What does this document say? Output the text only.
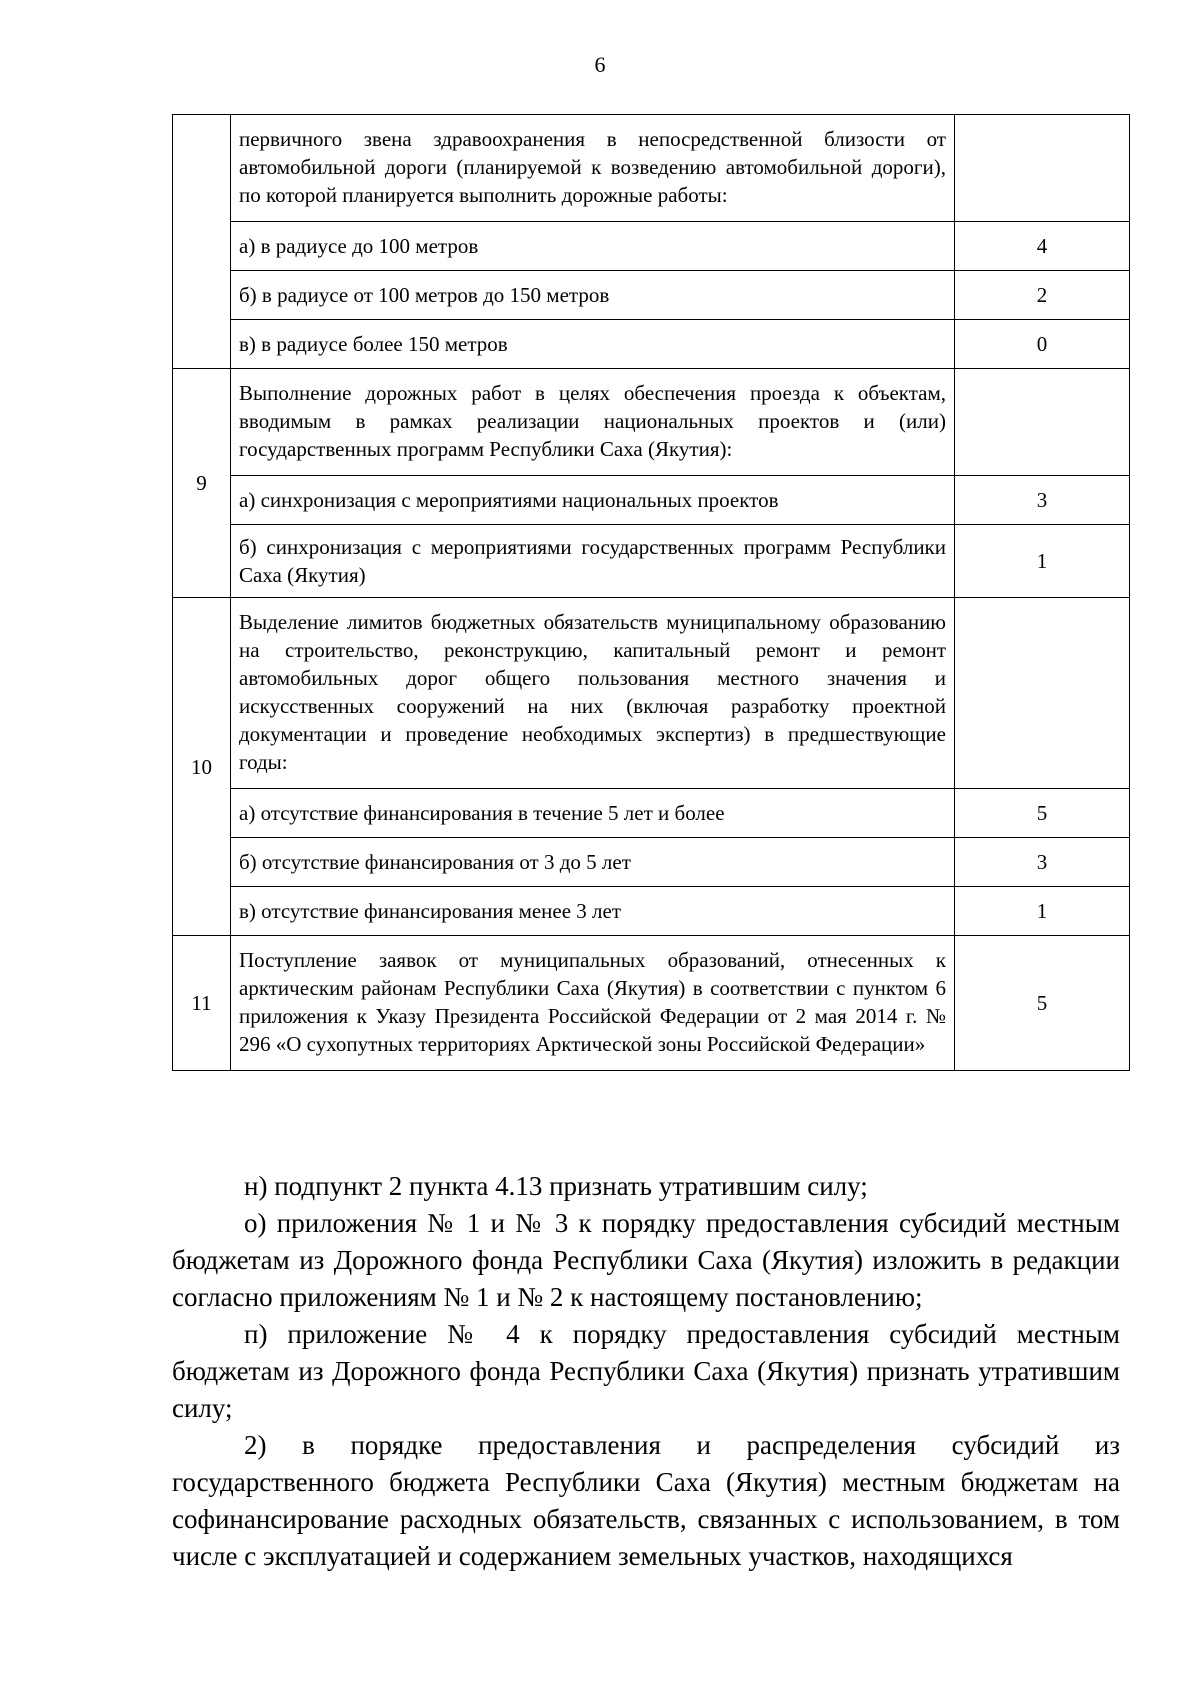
6
	первичного звена здравоохранения в непосредственной близости от автомобильной дороги (планируемой к возведению автомобильной дороги), по которой планируется выполнить дорожные работы:	
	а) в радиусе до 100 метров	4
	б) в радиусе от 100 метров до 150 метров	2
	в) в радиусе более 150 метров	0
9	Выполнение дорожных работ в целях обеспечения проезда к объектам, вводимым в рамках реализации национальных проектов и (или) государственных программ Республики Саха (Якутия):	
	а) синхронизация с мероприятиями национальных проектов	3
	б) синхронизация с мероприятиями государственных программ Республики Саха (Якутия)	1
10	Выделение лимитов бюджетных обязательств муниципальному образованию на строительство, реконструкцию, капитальный ремонт и ремонт автомобильных дорог общего пользования местного значения и искусственных сооружений на них (включая разработку проектной документации и проведение необходимых экспертиз) в предшествующие годы:	
	а) отсутствие финансирования в течение 5 лет и более	5
	б) отсутствие финансирования от 3 до 5 лет	3
	в) отсутствие финансирования менее 3 лет	1
11	Поступление заявок от муниципальных образований, отнесенных к арктическим районам Республики Саха (Якутия) в соответствии с пунктом 6 приложения к Указу Президента Российской Федерации от 2 мая 2014 г. № 296 «О сухопутных территориях Арктической зоны Российской Федерации»	5

н) подпункт 2 пункта 4.13 признать утратившим силу;

о) приложения № 1 и № 3 к порядку предоставления субсидий местным бюджетам из Дорожного фонда Республики Саха (Якутия) изложить в редакции согласно приложениям № 1 и № 2 к настоящему постановлению;

п) приложение № 4 к порядку предоставления субсидий местным бюджетам из Дорожного фонда Республики Саха (Якутия) признать утратившим силу;

2) в порядке предоставления и распределения субсидий из государственного бюджета Республики Саха (Якутия) местным бюджетам на софинансирование расходных обязательств, связанных с использованием, в том числе с эксплуатацией и содержанием земельных участков, находящихся
